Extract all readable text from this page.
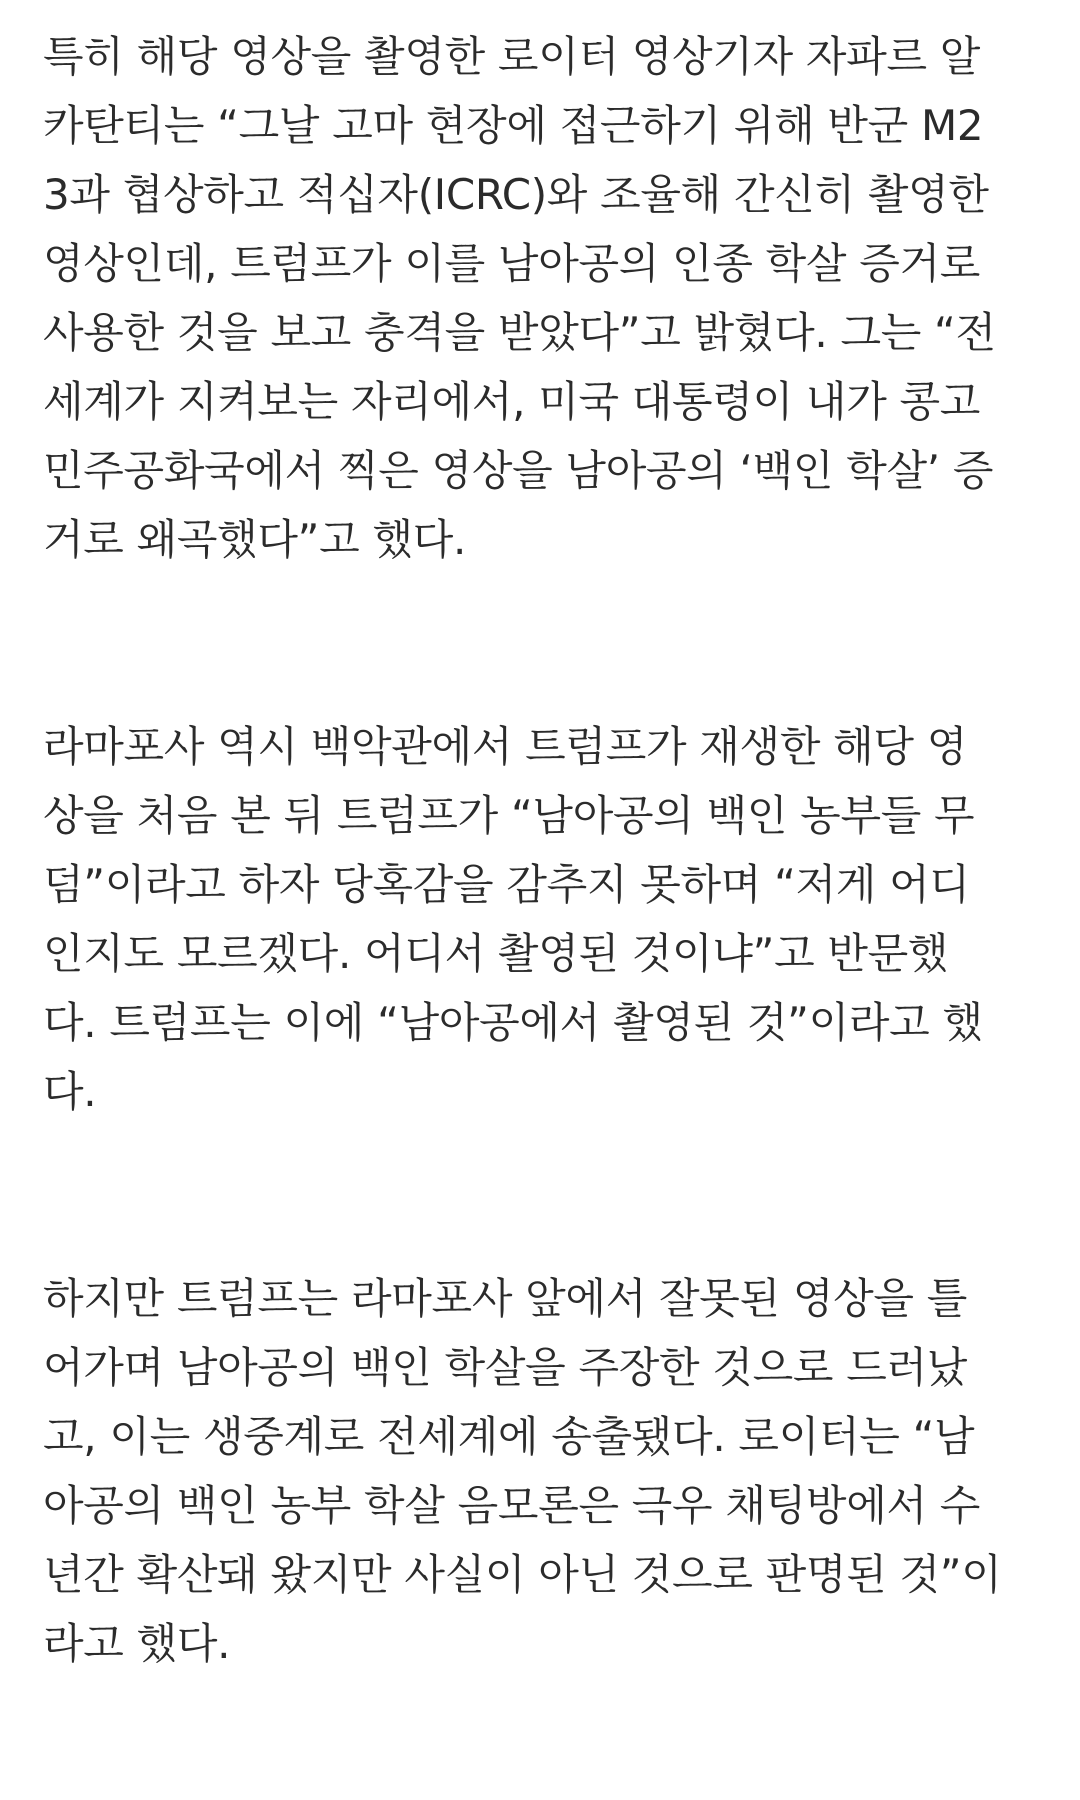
특히 해당 영상을 촬영한 로이터 영상기자 자파르 알
카탄티는 “그날 고마 현장에 접근하기 위해 반군 M2
3과 협상하고 적십자(ICRC)와 조율해 간신히 촬영한
영상인데, 트럼프가 이를 남아공의 인종 학살 증거로
사용한 것을 보고 충격을 받았다”고 밝혔다. 그는 “전
세계가 지켜보는 자리에서, 미국 대통령이 내가 콩고
민주공화국에서 찍은 영상을 남아공의 ‘백인 학살’ 증
거로 왜곡했다”고 했다.
라마포사 역시 백악관에서 트럼프가 재생한 해당 영
상을 처음 본 뒤 트럼프가 “남아공의 백인 농부들 무
덤”이라고 하자 당혹감을 감추지 못하며 “저게 어디
인지도 모르겠다. 어디서 촬영된 것이냐”고 반문했
다. 트럼프는 이에 “남아공에서 촬영된 것”이라고 했
다.
하지만 트럼프는 라마포사 앞에서 잘못된 영상을 틀
어가며 남아공의 백인 학살을 주장한 것으로 드러났
고, 이는 생중계로 전세계에 송출됐다. 로이터는 “남
아공의 백인 농부 학살 음모론은 극우 채팅방에서 수
년간 확산돼 왔지만 사실이 아닌 것으로 판명된 것”이
라고 했다.
